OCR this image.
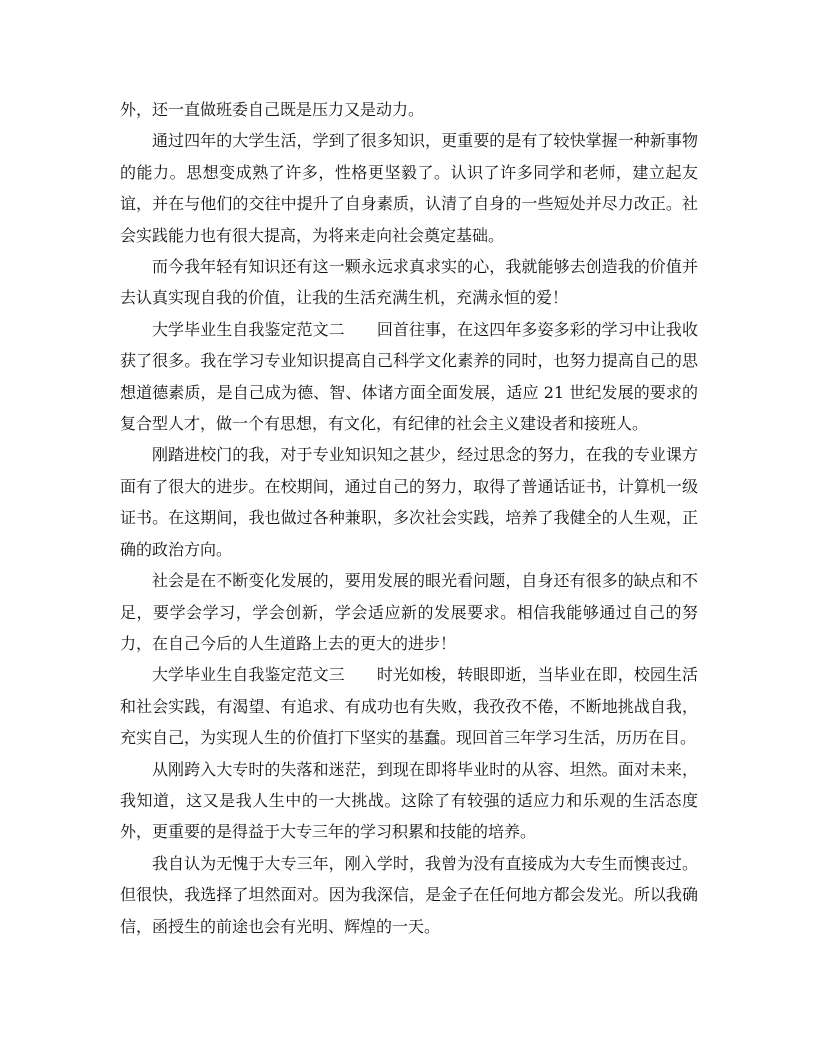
外，还一直做班委自己既是压力又是动力。

通过四年的大学生活，学到了很多知识，更重要的是有了较快掌握一种新事物的能力。思想变成熟了许多，性格更坚毅了。认识了许多同学和老师，建立起友谊，并在与他们的交往中提升了自身素质，认清了自身的一些短处并尽力改正。社会实践能力也有很大提高，为将来走向社会奠定基础。

而今我年轻有知识还有这一颗永远求真求实的心，我就能够去创造我的价值并去认真实现自我的价值，让我的生活充满生机，充满永恒的爱！

大学毕业生自我鉴定范文二　　回首往事，在这四年多姿多彩的学习中让我收获了很多。我在学习专业知识提高自己科学文化素养的同时，也努力提高自己的思想道德素质，是自己成为德、智、体诸方面全面发展，适应 21 世纪发展的要求的复合型人才，做一个有思想，有文化，有纪律的社会主义建设者和接班人。

刚踏进校门的我，对于专业知识知之甚少，经过思念的努力，在我的专业课方面有了很大的进步。在校期间，通过自己的努力，取得了普通话证书，计算机一级证书。在这期间，我也做过各种兼职，多次社会实践，培养了我健全的人生观，正确的政治方向。

社会是在不断变化发展的，要用发展的眼光看问题，自身还有很多的缺点和不足，要学会学习，学会创新，学会适应新的发展要求。相信我能够通过自己的努力，在自己今后的人生道路上去的更大的进步！

大学毕业生自我鉴定范文三　　时光如梭，转眼即逝，当毕业在即，校园生活和社会实践，有渴望、有追求、有成功也有失败，我孜孜不倦，不断地挑战自我，充实自己，为实现人生的价值打下坚实的基蠢。现回首三年学习生活，历历在目。

从刚跨入大专时的失落和迷茫，到现在即将毕业时的从容、坦然。面对未来，我知道，这又是我人生中的一大挑战。这除了有较强的适应力和乐观的生活态度外，更重要的是得益于大专三年的学习积累和技能的培养。

我自认为无愧于大专三年，刚入学时，我曾为没有直接成为大专生而懊丧过。但很快，我选择了坦然面对。因为我深信，是金子在任何地方都会发光。所以我确信，函授生的前途也会有光明、辉煌的一天。
